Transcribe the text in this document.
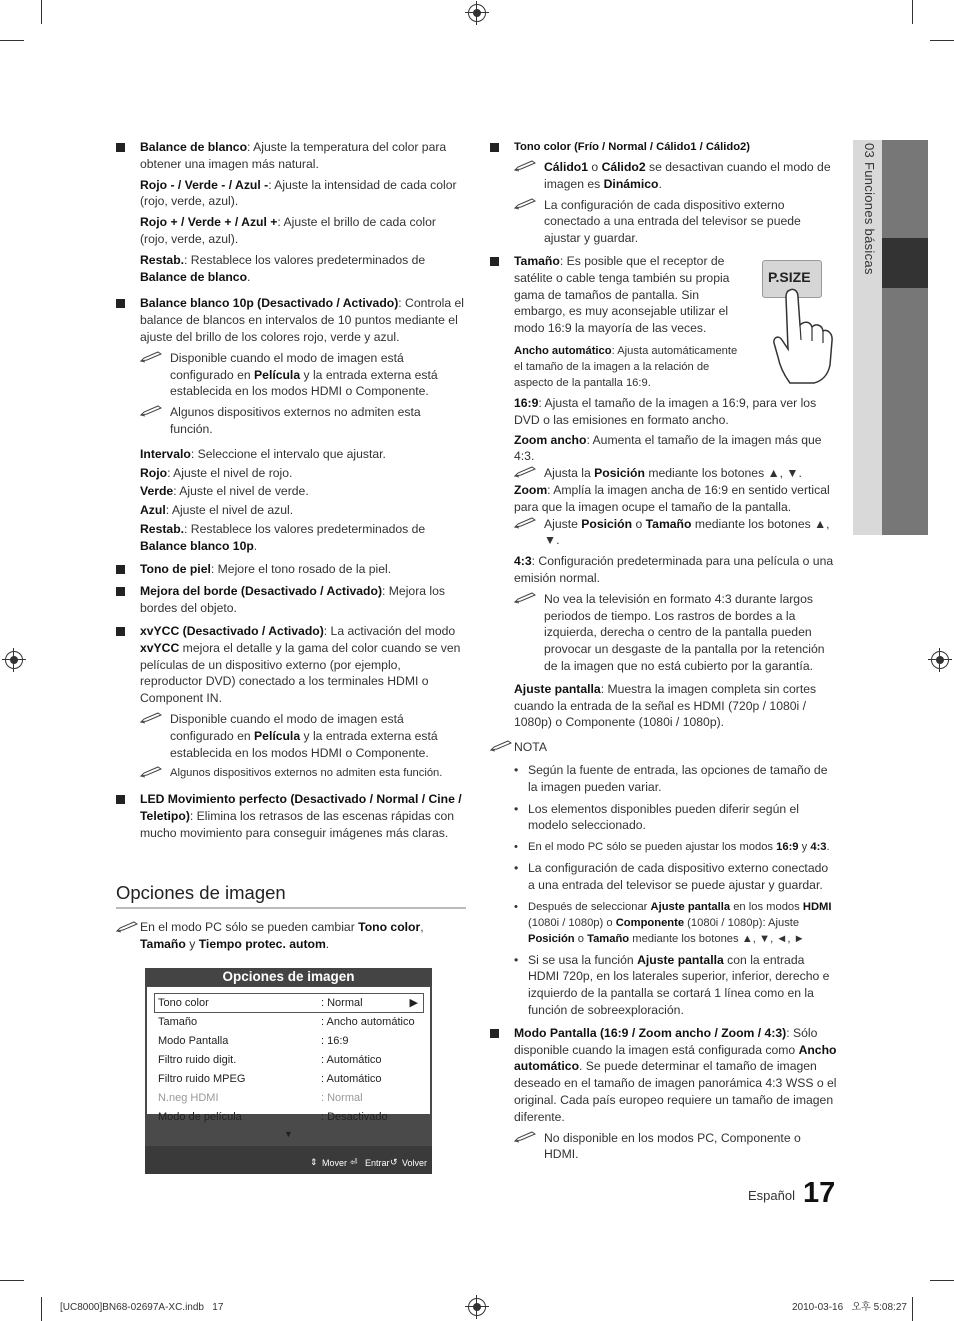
03 Funciones básicas
Balance de blanco: Ajuste la temperatura del color para obtener una imagen más natural.
Rojo - / Verde - / Azul -: Ajuste la intensidad de cada color (rojo, verde, azul).
Rojo + / Verde + / Azul +: Ajuste el brillo de cada color (rojo, verde, azul).
Restab.: Restablece los valores predeterminados de Balance de blanco.
Balance blanco 10p (Desactivado / Activado): Controla el balance de blancos en intervalos de 10 puntos mediante el ajuste del brillo de los colores rojo, verde y azul.
Disponible cuando el modo de imagen está configurado en Película y la entrada externa está establecida en los modos HDMI o Componente.
Algunos dispositivos externos no admiten esta función.
Intervalo: Seleccione el intervalo que ajustar.
Rojo: Ajuste el nivel de rojo.
Verde: Ajuste el nivel de verde.
Azul: Ajuste el nivel de azul.
Restab.: Restablece los valores predeterminados de Balance blanco 10p.
Tono de piel: Mejore el tono rosado de la piel.
Mejora del borde (Desactivado / Activado): Mejora los bordes del objeto.
xvYCC (Desactivado / Activado): La activación del modo xvYCC mejora el detalle y la gama del color cuando se ven películas de un dispositivo externo (por ejemplo, reproductor DVD) conectado a los terminales HDMI o Component IN.
Disponible cuando el modo de imagen está configurado en Película y la entrada externa está establecida en los modos HDMI o Componente.
Algunos dispositivos externos no admiten esta función.
LED Movimiento perfecto (Desactivado / Normal / Cine / Teletipo): Elimina los retrasos de las escenas rápidas con mucho movimiento para conseguir imágenes más claras.
Opciones de imagen
En el modo PC sólo se pueden cambiar Tono color, Tamaño y Tiempo protec. autom.
Opciones de imagen
Tono color	: Normal	▶
Tamaño	: Ancho automático
Modo Pantalla	: 16:9
Filtro ruido digit.	: Automático
Filtro ruido MPEG	: Automático
N.neg HDMI	: Normal
Modo de película	: Desactivado
▼
⇕ Mover ⏎ Entrar ↺ Volver
Tono color (Frío / Normal / Cálido1 / Cálido2)
Cálido1 o Cálido2 se desactivan cuando el modo de imagen es Dinámico.
La configuración de cada dispositivo externo conectado a una entrada del televisor se puede ajustar y guardar.
Tamaño: Es posible que el receptor de satélite o cable tenga también su propia gama de tamaños de pantalla. Sin embargo, es muy aconsejable utilizar el modo 16:9 la mayoría de las veces.
Ancho automático: Ajusta automáticamente el tamaño de la imagen a la relación de aspecto de la pantalla 16:9.
16:9: Ajusta el tamaño de la imagen a 16:9, para ver los DVD o las emisiones en formato ancho.
Zoom ancho: Aumenta el tamaño de la imagen más que 4:3.
Ajusta la Posición mediante los botones ▲, ▼.
Zoom: Amplía la imagen ancha de 16:9 en sentido vertical para que la imagen ocupe el tamaño de la pantalla.
Ajuste Posición o Tamaño mediante los botones ▲, ▼.
4:3: Configuración predeterminada para una película o una emisión normal.
No vea la televisión en formato 4:3 durante largos periodos de tiempo. Los rastros de bordes a la izquierda, derecha o centro de la pantalla pueden provocar un desgaste de la pantalla por la retención de la imagen que no está cubierto por la garantía.
Ajuste pantalla: Muestra la imagen completa sin cortes cuando la entrada de la señal es HDMI (720p / 1080i / 1080p) o Componente (1080i / 1080p).
NOTA
• Según la fuente de entrada, las opciones de tamaño de la imagen pueden variar.
• Los elementos disponibles pueden diferir según el modelo seleccionado.
• En el modo PC sólo se pueden ajustar los modos 16:9 y 4:3.
• La configuración de cada dispositivo externo conectado a una entrada del televisor se puede ajustar y guardar.
• Después de seleccionar Ajuste pantalla en los modos HDMI (1080i / 1080p) o Componente (1080i / 1080p): Ajuste Posición o Tamaño mediante los botones ▲, ▼, ◄, ►
• Si se usa la función Ajuste pantalla con la entrada HDMI 720p, en los laterales superior, inferior, derecho e izquierdo de la pantalla se cortará 1 línea como en la función de sobreexploración.
Modo Pantalla (16:9 / Zoom ancho / Zoom / 4:3): Sólo disponible cuando la imagen está configurada como Ancho automático. Se puede determinar el tamaño de imagen deseado en el tamaño de imagen panorámica 4:3 WSS o el original. Cada país europeo requiere un tamaño de imagen diferente.
No disponible en los modos PC, Componente o HDMI.
P.SIZE
Español 17
[UC8000]BN68-02697A-XC.indb   17	2010-03-16   오후 5:08:27
